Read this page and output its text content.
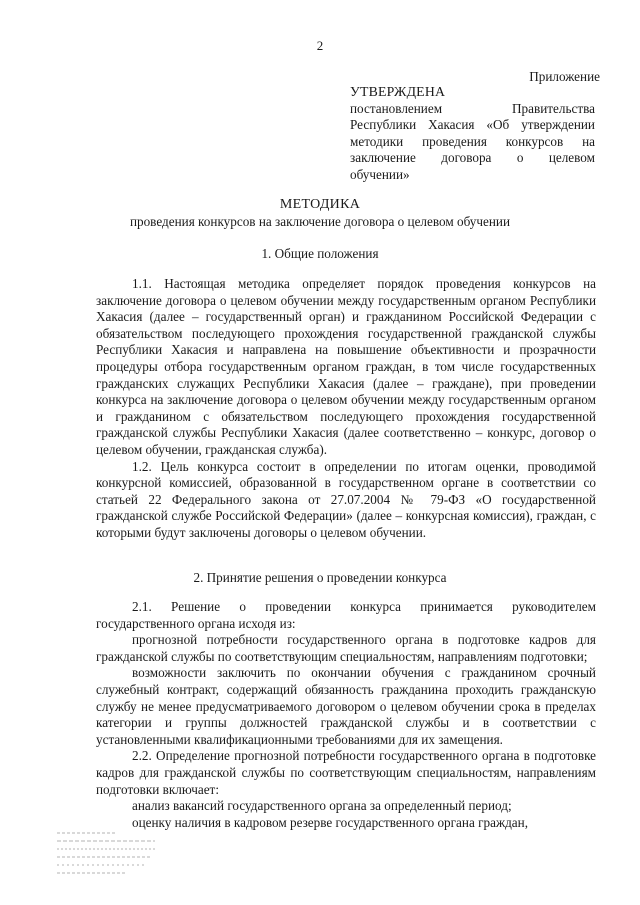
2
Приложение
УТВЕРЖДЕНА
постановлением Правительства
Республики Хакасия «Об утверждении
методики проведения конкурсов на
заключение договора о целевом
обучении»
МЕТОДИКА
проведения конкурсов на заключение договора о целевом обучении
1. Общие положения

1.1. Настоящая методика определяет порядок проведения конкурсов на заключение договора о целевом обучении между государственным органом Республики Хакасия (далее – государственный орган) и гражданином Российской Федерации с обязательством последующего прохождения государственной гражданской службы Республики Хакасия и направлена на повышение объективности и прозрачности процедуры отбора государственным органом граждан, в том числе государственных гражданских служащих Республики Хакасия (далее – граждане), при проведении конкурса на заключение договора о целевом обучении между государственным органом и гражданином с обязательством последующего прохождения государственной гражданской службы Республики Хакасия (далее соответственно – конкурс, договор о целевом обучении, гражданская служба).

1.2. Цель конкурса состоит в определении по итогам оценки, проводимой конкурсной комиссией, образованной в государственном органе в соответствии со статьей 22 Федерального закона от 27.07.2004 № 79-ФЗ «О государственной гражданской службе Российской Федерации» (далее – конкурсная комиссия), граждан, с которыми будут заключены договоры о целевом обучении.

2. Принятие решения о проведении конкурса

2.1. Решение о проведении конкурса принимается руководителем государственного органа исходя из:

прогнозной потребности государственного органа в подготовке кадров для гражданской службы по соответствующим специальностям, направлениям подготовки;

возможности заключить по окончании обучения с гражданином срочный служебный контракт, содержащий обязанность гражданина проходить гражданскую службу не менее предусматриваемого договором о целевом обучении срока в пределах категории и группы должностей гражданской службы и в соответствии с установленными квалификационными требованиями для их замещения.

2.2. Определение прогнозной потребности государственного органа в подготовке кадров для гражданской службы по соответствующим специальностям, направлениям подготовки включает:

анализ вакансий государственного органа за определенный период;

оценку наличия в кадровом резерве государственного органа граждан,
